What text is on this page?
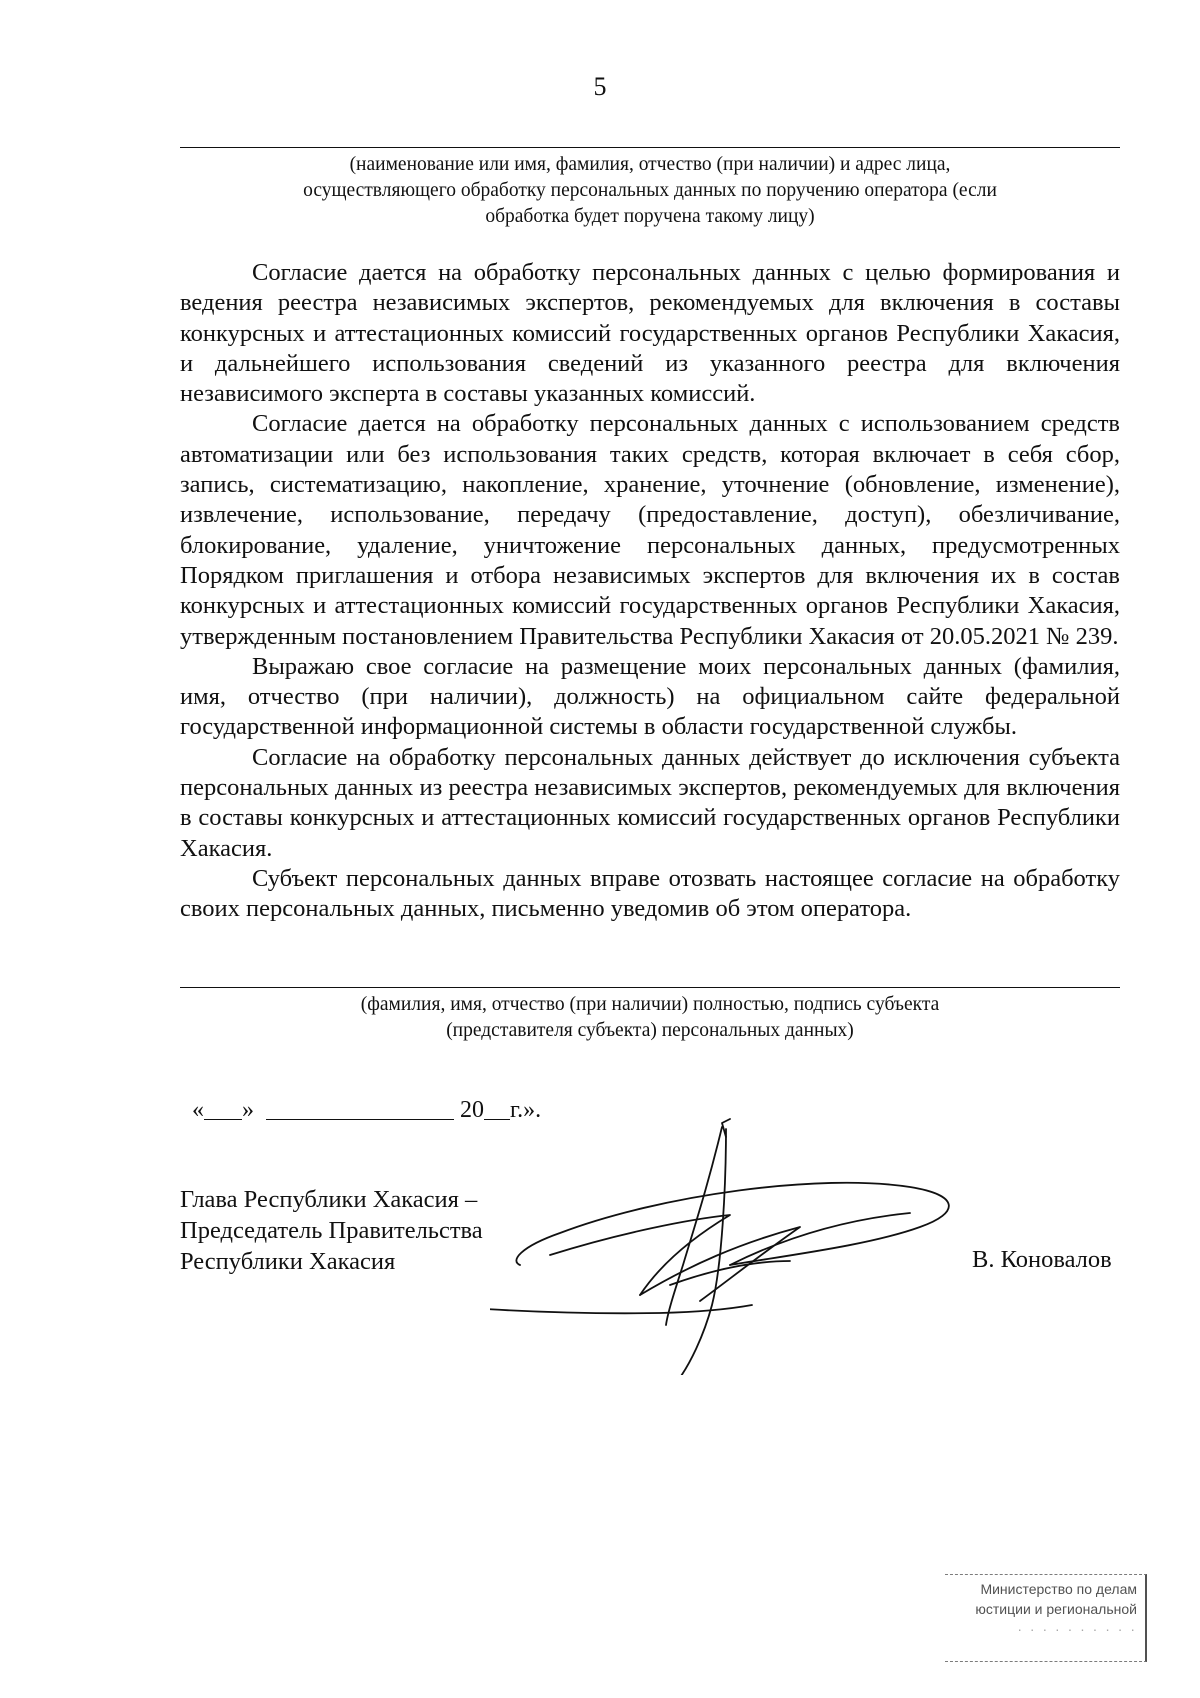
5
(наименование или имя, фамилия, отчество (при наличии) и адрес лица,
осуществляющего обработку персональных данных по поручению оператора (если
обработка будет поручена такому лицу)

Согласие дается на обработку персональных данных с целью формирования и ведения реестра независимых экспертов, рекомендуемых для включения в составы конкурсных и аттестационных комиссий государственных органов Республики Хакасия, и дальнейшего использования сведений из указанного реестра для включения независимого эксперта в составы указанных комиссий.

Согласие дается на обработку персональных данных с использованием средств автоматизации или без использования таких средств, которая включает в себя сбор, запись, систематизацию, накопление, хранение, уточнение (обновление, изменение), извлечение, использование, передачу (предоставление, доступ), обезличивание, блокирование, удаление, уничтожение персональных данных, предусмотренных Порядком приглашения и отбора независимых экспертов для включения их в состав конкурсных и аттестационных комиссий государственных органов Республики Хакасия, утвержденным постановлением Правительства Республики Хакасия от 20.05.2021 № 239.

Выражаю свое согласие на размещение моих персональных данных (фамилия, имя, отчество (при наличии), должность) на официальном сайте федеральной государственной информационной системы в области государственной службы.

Согласие на обработку персональных данных действует до исключения субъекта персональных данных из реестра независимых экспертов, рекомендуемых для включения в составы конкурсных и аттестационных комиссий государственных органов Республики Хакасия.

Субъект персональных данных вправе отозвать настоящее согласие на обработку своих персональных данных, письменно уведомив об этом оператора.

(фамилия, имя, отчество (при наличии) полностью, подпись субъекта
(представителя субъекта) персональных данных)

« »	20 г.».

Глава Республики Хакасия –
Председатель Правительства
Республики Хакасия	В. Коновалов
Министерство по делам
юстиции и региональной
· · · · · · · · · ·
